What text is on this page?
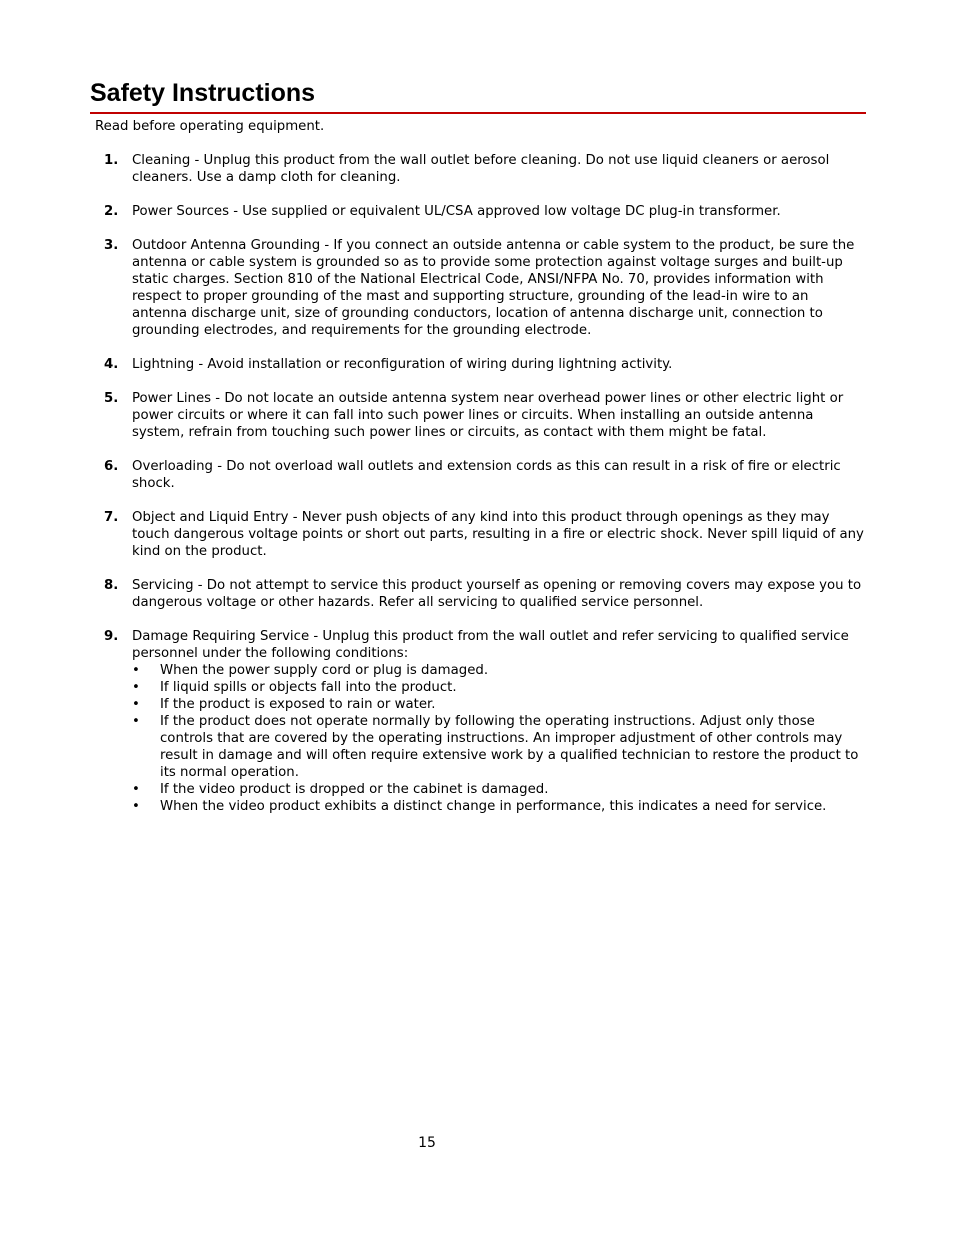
Safety Instructions

Read before operating equipment.

1. Cleaning - Unplug this product from the wall outlet before cleaning. Do not use liquid cleaners or aerosol cleaners. Use a damp cloth for cleaning.
2. Power Sources - Use supplied or equivalent UL/CSA approved low voltage DC plug-in transformer.
3. Outdoor Antenna Grounding - If you connect an outside antenna or cable system to the product, be sure the antenna or cable system is grounded so as to provide some protection against voltage surges and built-up static charges. Section 810 of the National Electrical Code, ANSI/NFPA No. 70, provides information with respect to proper grounding of the mast and supporting structure, grounding of the lead-in wire to an antenna discharge unit, size of grounding conductors, location of antenna discharge unit, connection to grounding electrodes, and requirements for the grounding electrode.
4. Lightning - Avoid installation or reconfiguration of wiring during lightning activity.
5. Power Lines - Do not locate an outside antenna system near overhead power lines or other electric light or power circuits or where it can fall into such power lines or circuits. When installing an outside antenna system, refrain from touching such power lines or circuits, as contact with them might be fatal.
6. Overloading - Do not overload wall outlets and extension cords as this can result in a risk of fire or electric shock.
7. Object and Liquid Entry - Never push objects of any kind into this product through openings as they may touch dangerous voltage points or short out parts, resulting in a fire or electric shock. Never spill liquid of any kind on the product.
8. Servicing - Do not attempt to service this product yourself as opening or removing covers may expose you to dangerous voltage or other hazards. Refer all servicing to qualified service personnel.
9. Damage Requiring Service - Unplug this product from the wall outlet and refer servicing to qualified service personnel under the following conditions:
• When the power supply cord or plug is damaged.
• If liquid spills or objects fall into the product.
• If the product is exposed to rain or water.
• If the product does not operate normally by following the operating instructions. Adjust only those controls that are covered by the operating instructions. An improper adjustment of other controls may result in damage and will often require extensive work by a qualified technician to restore the product to its normal operation.
• If the video product is dropped or the cabinet is damaged.
• When the video product exhibits a distinct change in performance, this indicates a need for service.
15
